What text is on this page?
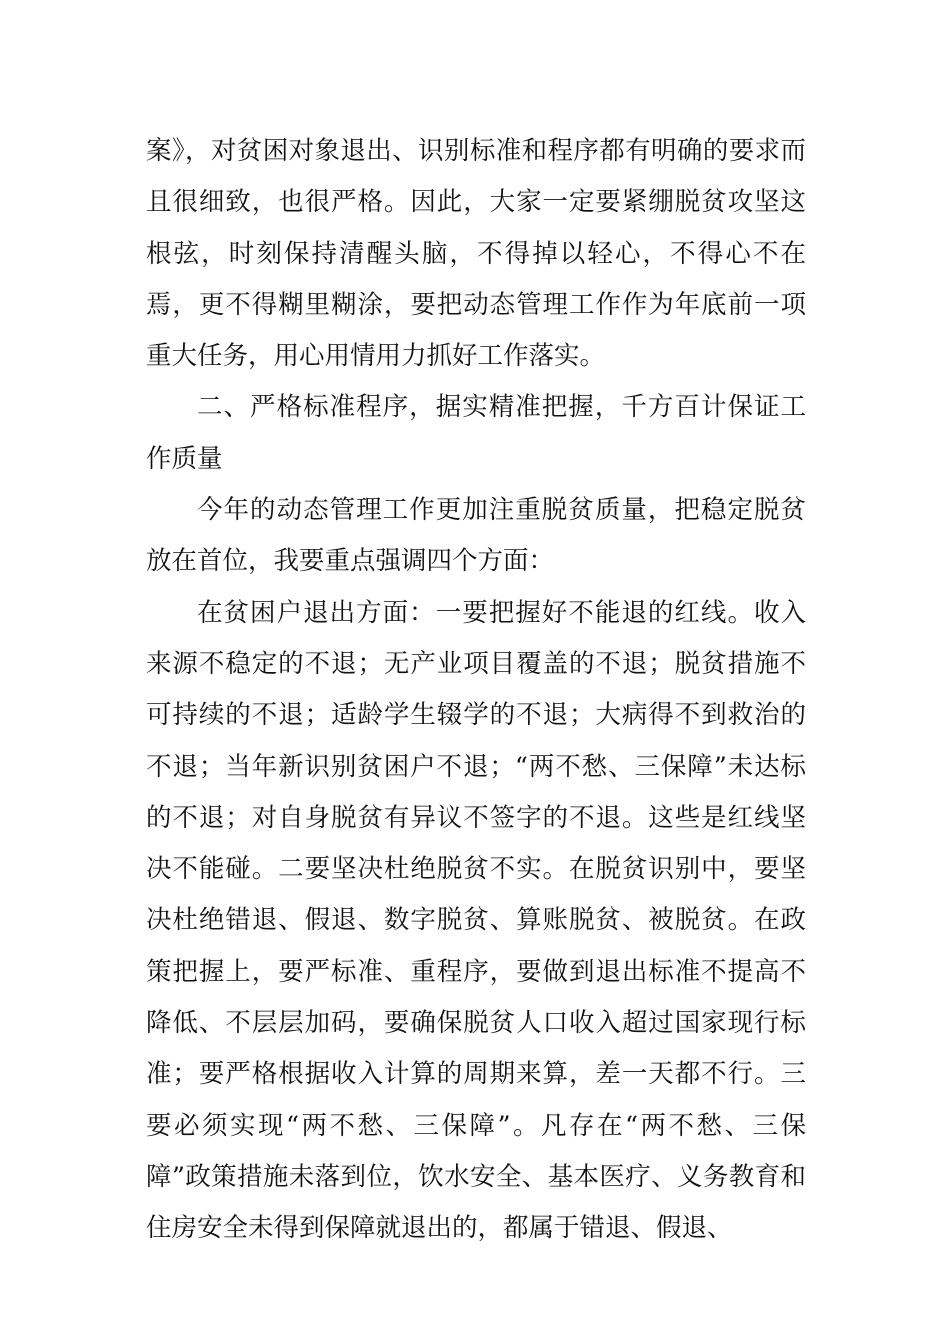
案》，对贫困对象退出、识别标准和程序都有明确的要求而且很细致，也很严格。因此，大家一定要紧绷脱贫攻坚这根弦，时刻保持清醒头脑，不得掉以轻心，不得心不在焉，更不得糊里糊涂，要把动态管理工作作为年底前一项重大任务，用心用情用力抓好工作落实。

二、严格标准程序，据实精准把握，千方百计保证工作质量

今年的动态管理工作更加注重脱贫质量，把稳定脱贫放在首位，我要重点强调四个方面：

在贫困户退出方面：一要把握好不能退的红线。收入来源不稳定的不退；无产业项目覆盖的不退；脱贫措施不可持续的不退；适龄学生辍学的不退；大病得不到救治的不退；当年新识别贫困户不退；“两不愁、三保障”未达标的不退；对自身脱贫有异议不签字的不退。这些是红线坚决不能碰。二要坚决杜绝脱贫不实。在脱贫识别中，要坚决杜绝错退、假退、数字脱贫、算账脱贫、被脱贫。在政策把握上，要严标准、重程序，要做到退出标准不提高不降低、不层层加码，要确保脱贫人口收入超过国家现行标准；要严格根据收入计算的周期来算，差一天都不行。三要必须实现“两不愁、三保障”。凡存在“两不愁、三保障”政策措施未落到位，饮水安全、基本医疗、义务教育和住房安全未得到保障就退出的，都属于错退、假退、
